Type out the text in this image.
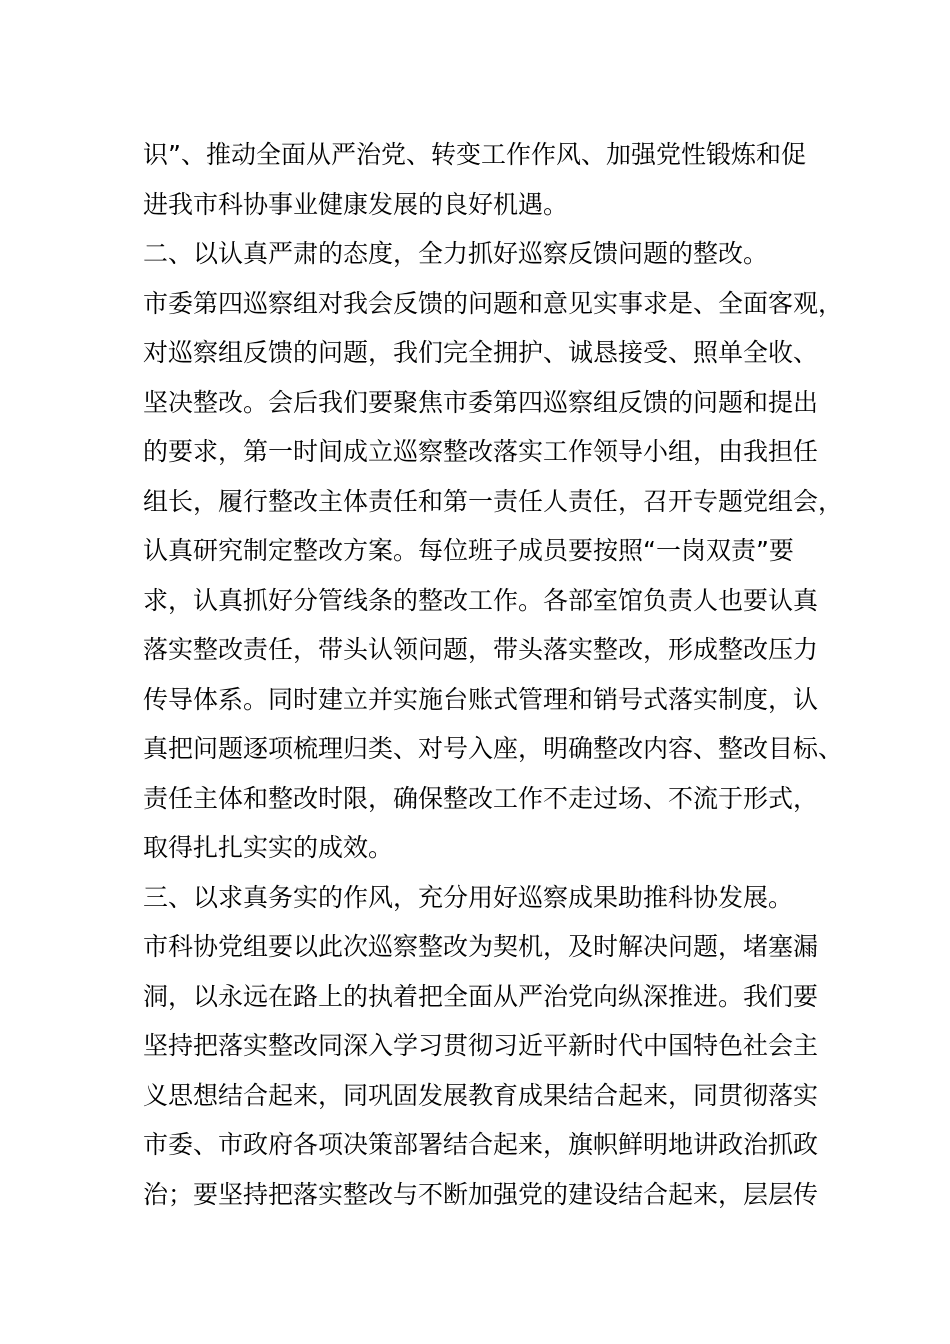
识”、推动全面从严治党、转变工作作风、加强党性锻炼和促
进我市科协事业健康发展的良好机遇。
二、以认真严肃的态度，全力抓好巡察反馈问题的整改。
市委第四巡察组对我会反馈的问题和意见实事求是、全面客观，
对巡察组反馈的问题，我们完全拥护、诚恳接受、照单全收、
坚决整改。会后我们要聚焦市委第四巡察组反馈的问题和提出
的要求，第一时间成立巡察整改落实工作领导小组，由我担任
组长，履行整改主体责任和第一责任人责任，召开专题党组会，
认真研究制定整改方案。每位班子成员要按照“一岗双责”要
求，认真抓好分管线条的整改工作。各部室馆负责人也要认真
落实整改责任，带头认领问题，带头落实整改，形成整改压力
传导体系。同时建立并实施台账式管理和销号式落实制度，认
真把问题逐项梳理归类、对号入座，明确整改内容、整改目标、
责任主体和整改时限，确保整改工作不走过场、不流于形式，
取得扎扎实实的成效。
三、以求真务实的作风，充分用好巡察成果助推科协发展。
市科协党组要以此次巡察整改为契机，及时解决问题，堵塞漏
洞，以永远在路上的执着把全面从严治党向纵深推进。我们要
坚持把落实整改同深入学习贯彻习近平新时代中国特色社会主
义思想结合起来，同巩固发展教育成果结合起来，同贯彻落实
市委、市政府各项决策部署结合起来，旗帜鲜明地讲政治抓政
治；要坚持把落实整改与不断加强党的建设结合起来，层层传
